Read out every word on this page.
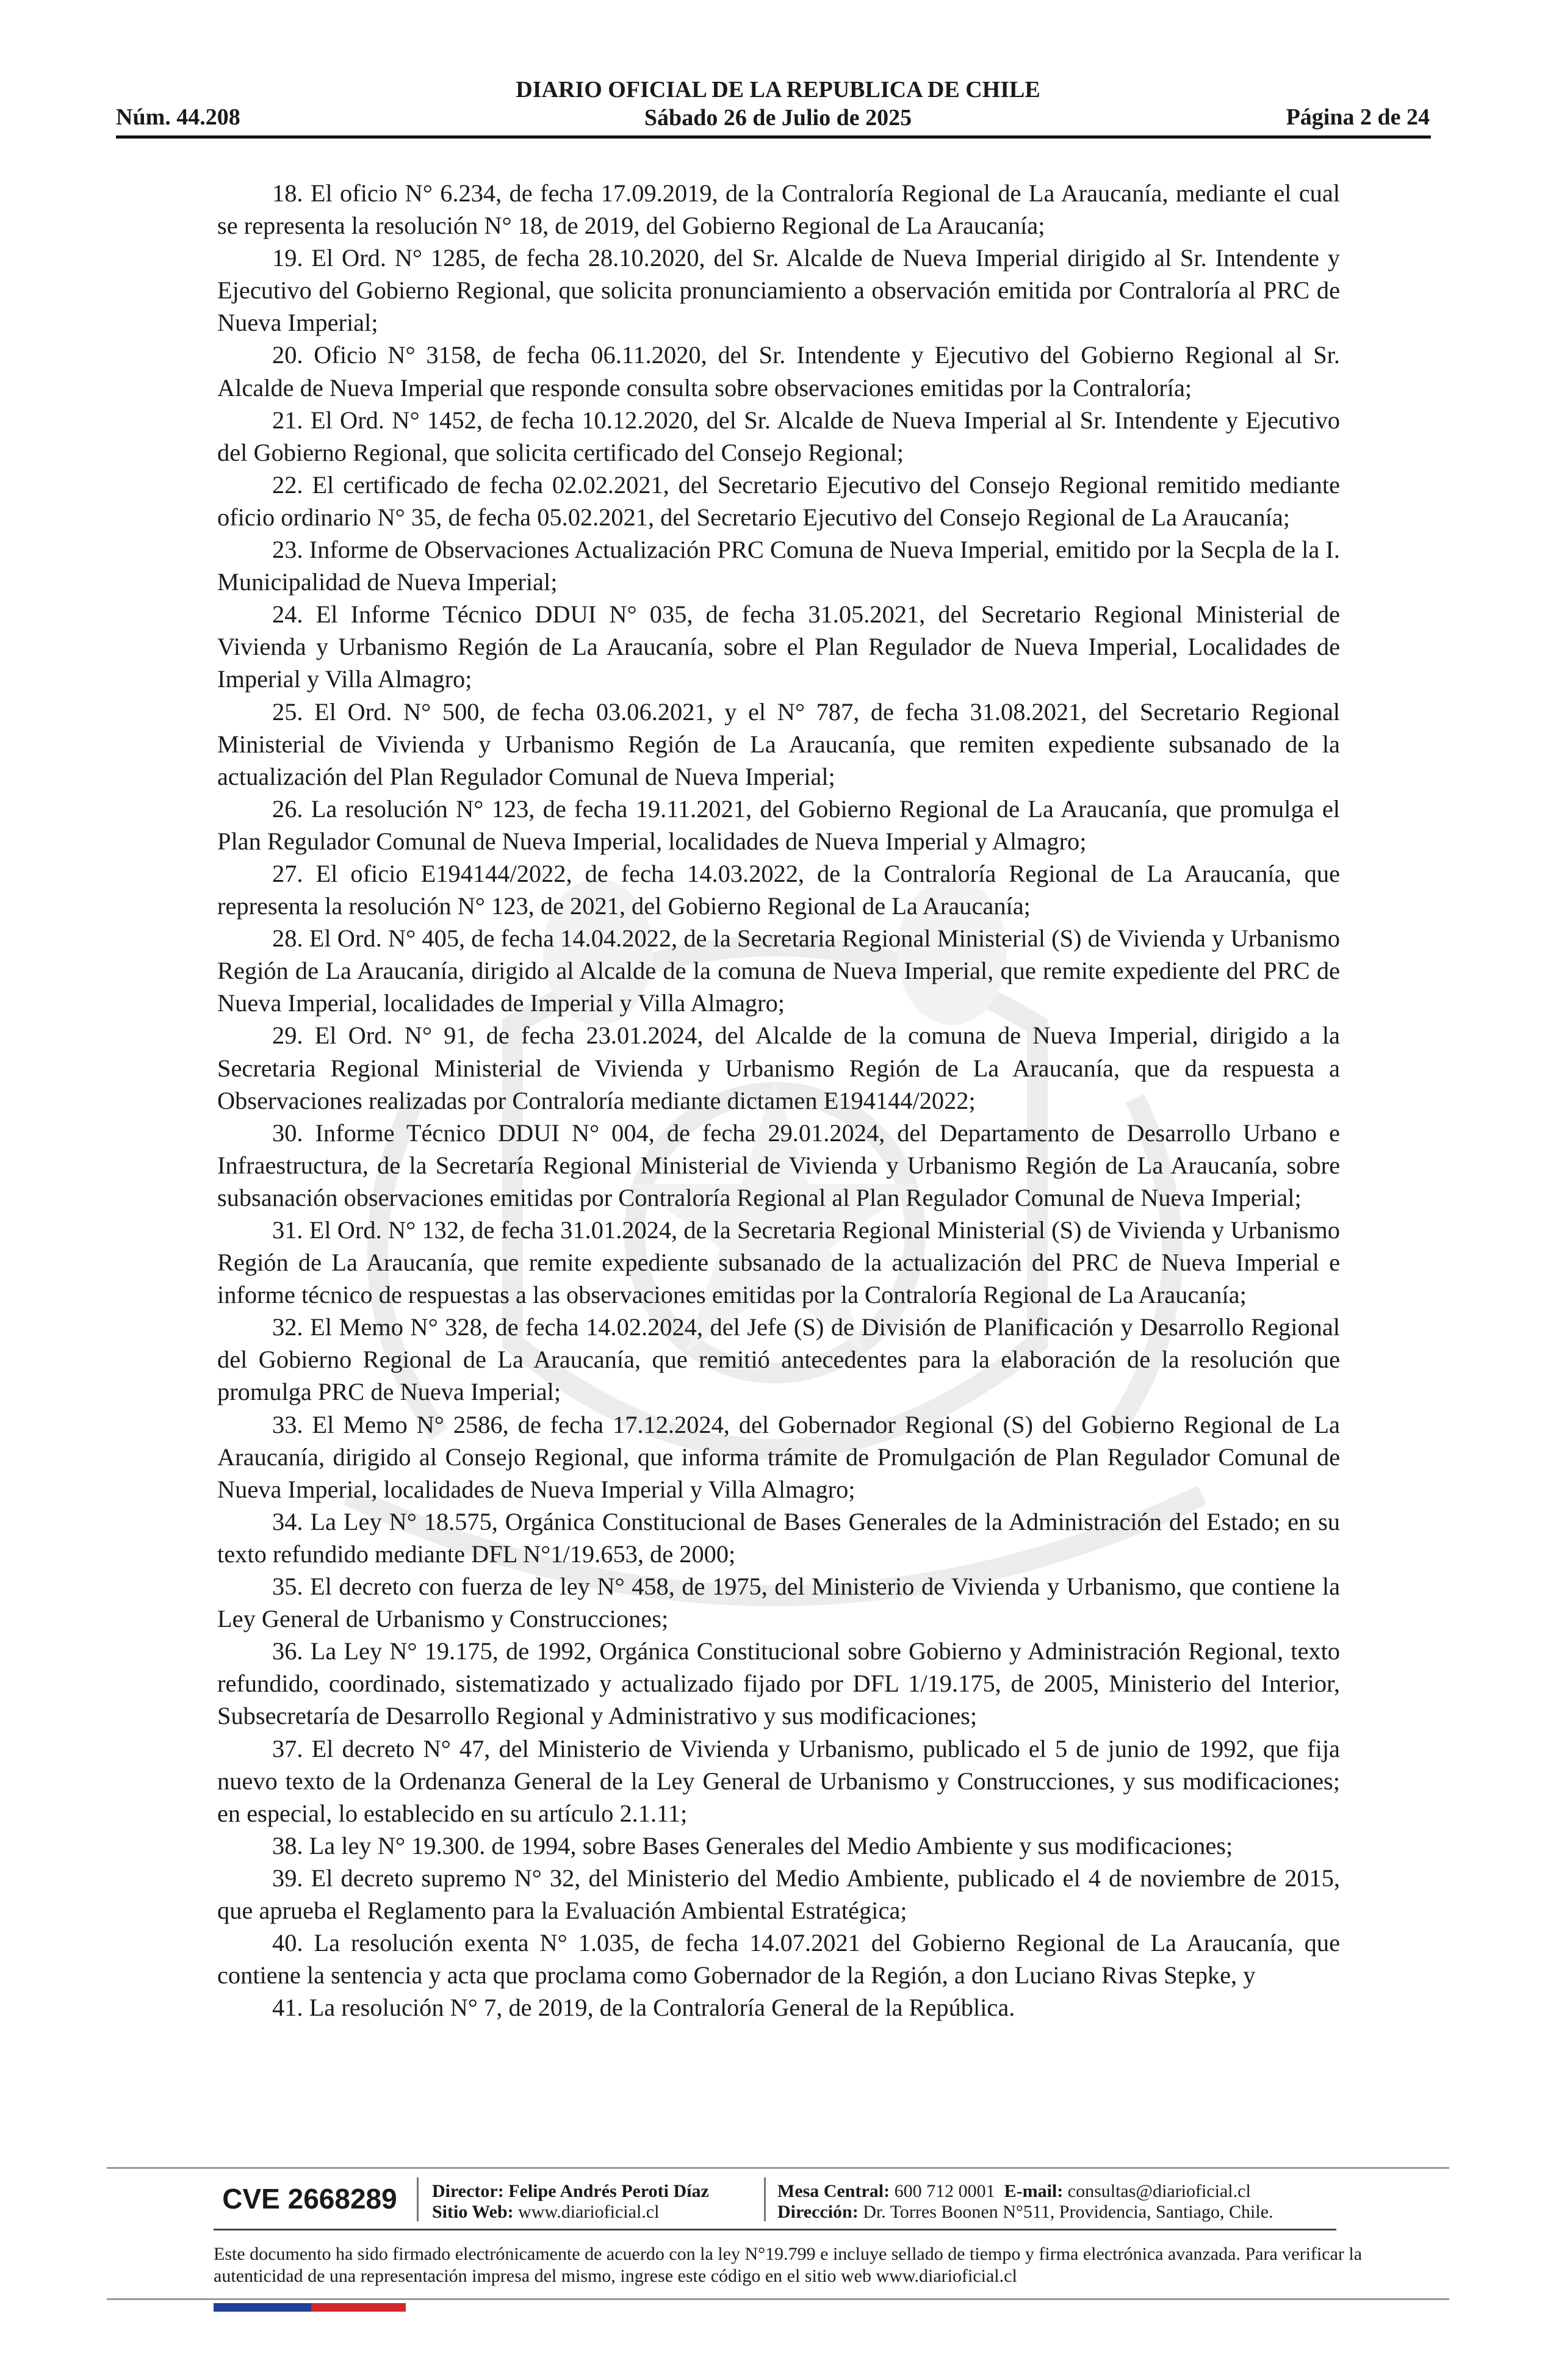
DIARIO OFICIAL DE LA REPUBLICA DE CHILE
Sábado 26 de Julio de 2025
Núm. 44.208	Página 2 de 24

18. El oficio N° 6.234, de fecha 17.09.2019, de la Contraloría Regional de La Araucanía, mediante el cual se representa la resolución N° 18, de 2019, del Gobierno Regional de La Araucanía;

19. El Ord. N° 1285, de fecha 28.10.2020, del Sr. Alcalde de Nueva Imperial dirigido al Sr. Intendente y Ejecutivo del Gobierno Regional, que solicita pronunciamiento a observación emitida por Contraloría al PRC de Nueva Imperial;

20. Oficio N° 3158, de fecha 06.11.2020, del Sr. Intendente y Ejecutivo del Gobierno Regional al Sr. Alcalde de Nueva Imperial que responde consulta sobre observaciones emitidas por la Contraloría;

21. El Ord. N° 1452, de fecha 10.12.2020, del Sr. Alcalde de Nueva Imperial al Sr. Intendente y Ejecutivo del Gobierno Regional, que solicita certificado del Consejo Regional;

22. El certificado de fecha 02.02.2021, del Secretario Ejecutivo del Consejo Regional remitido mediante oficio ordinario N° 35, de fecha 05.02.2021, del Secretario Ejecutivo del Consejo Regional de La Araucanía;

23. Informe de Observaciones Actualización PRC Comuna de Nueva Imperial, emitido por la Secpla de la I. Municipalidad de Nueva Imperial;

24. El Informe Técnico DDUI N° 035, de fecha 31.05.2021, del Secretario Regional Ministerial de Vivienda y Urbanismo Región de La Araucanía, sobre el Plan Regulador de Nueva Imperial, Localidades de Imperial y Villa Almagro;

25. El Ord. N° 500, de fecha 03.06.2021, y el N° 787, de fecha 31.08.2021, del Secretario Regional Ministerial de Vivienda y Urbanismo Región de La Araucanía, que remiten expediente subsanado de la actualización del Plan Regulador Comunal de Nueva Imperial;

26. La resolución N° 123, de fecha 19.11.2021, del Gobierno Regional de La Araucanía, que promulga el Plan Regulador Comunal de Nueva Imperial, localidades de Nueva Imperial y Almagro;

27. El oficio E194144/2022, de fecha 14.03.2022, de la Contraloría Regional de La Araucanía, que representa la resolución N° 123, de 2021, del Gobierno Regional de La Araucanía;

28. El Ord. N° 405, de fecha 14.04.2022, de la Secretaria Regional Ministerial (S) de Vivienda y Urbanismo Región de La Araucanía, dirigido al Alcalde de la comuna de Nueva Imperial, que remite expediente del PRC de Nueva Imperial, localidades de Imperial y Villa Almagro;

29. El Ord. N° 91, de fecha 23.01.2024, del Alcalde de la comuna de Nueva Imperial, dirigido a la Secretaria Regional Ministerial de Vivienda y Urbanismo Región de La Araucanía, que da respuesta a Observaciones realizadas por Contraloría mediante dictamen E194144/2022;

30. Informe Técnico DDUI N° 004, de fecha 29.01.2024, del Departamento de Desarrollo Urbano e Infraestructura, de la Secretaría Regional Ministerial de Vivienda y Urbanismo Región de La Araucanía, sobre subsanación observaciones emitidas por Contraloría Regional al Plan Regulador Comunal de Nueva Imperial;

31. El Ord. N° 132, de fecha 31.01.2024, de la Secretaria Regional Ministerial (S) de Vivienda y Urbanismo Región de La Araucanía, que remite expediente subsanado de la actualización del PRC de Nueva Imperial e informe técnico de respuestas a las observaciones emitidas por la Contraloría Regional de La Araucanía;

32. El Memo N° 328, de fecha 14.02.2024, del Jefe (S) de División de Planificación y Desarrollo Regional del Gobierno Regional de La Araucanía, que remitió antecedentes para la elaboración de la resolución que promulga PRC de Nueva Imperial;

33. El Memo N° 2586, de fecha 17.12.2024, del Gobernador Regional (S) del Gobierno Regional de La Araucanía, dirigido al Consejo Regional, que informa trámite de Promulgación de Plan Regulador Comunal de Nueva Imperial, localidades de Nueva Imperial y Villa Almagro;

34. La Ley N° 18.575, Orgánica Constitucional de Bases Generales de la Administración del Estado; en su texto refundido mediante DFL N°1/19.653, de 2000;

35. El decreto con fuerza de ley N° 458, de 1975, del Ministerio de Vivienda y Urbanismo, que contiene la Ley General de Urbanismo y Construcciones;

36. La Ley N° 19.175, de 1992, Orgánica Constitucional sobre Gobierno y Administración Regional, texto refundido, coordinado, sistematizado y actualizado fijado por DFL 1/19.175, de 2005, Ministerio del Interior, Subsecretaría de Desarrollo Regional y Administrativo y sus modificaciones;

37. El decreto N° 47, del Ministerio de Vivienda y Urbanismo, publicado el 5 de junio de 1992, que fija nuevo texto de la Ordenanza General de la Ley General de Urbanismo y Construcciones, y sus modificaciones; en especial, lo establecido en su artículo 2.1.11;

38. La ley N° 19.300. de 1994, sobre Bases Generales del Medio Ambiente y sus modificaciones;

39. El decreto supremo N° 32, del Ministerio del Medio Ambiente, publicado el 4 de noviembre de 2015, que aprueba el Reglamento para la Evaluación Ambiental Estratégica;

40. La resolución exenta N° 1.035, de fecha 14.07.2021 del Gobierno Regional de La Araucanía, que contiene la sentencia y acta que proclama como Gobernador de la Región, a don Luciano Rivas Stepke, y

41. La resolución N° 7, de 2019, de la Contraloría General de la República.

CVE 2668289	Director: Felipe Andrés Peroti Díaz
Sitio Web: www.diarioficial.cl
Mesa Central: 600 712 0001 E-mail: consultas@diarioficial.cl
Dirección: Dr. Torres Boonen N°511, Providencia, Santiago, Chile.
Este documento ha sido firmado electrónicamente de acuerdo con la ley N°19.799 e incluye sellado de tiempo y firma electrónica avanzada. Para verificar la autenticidad de una representación impresa del mismo, ingrese este código en el sitio web www.diarioficial.cl
